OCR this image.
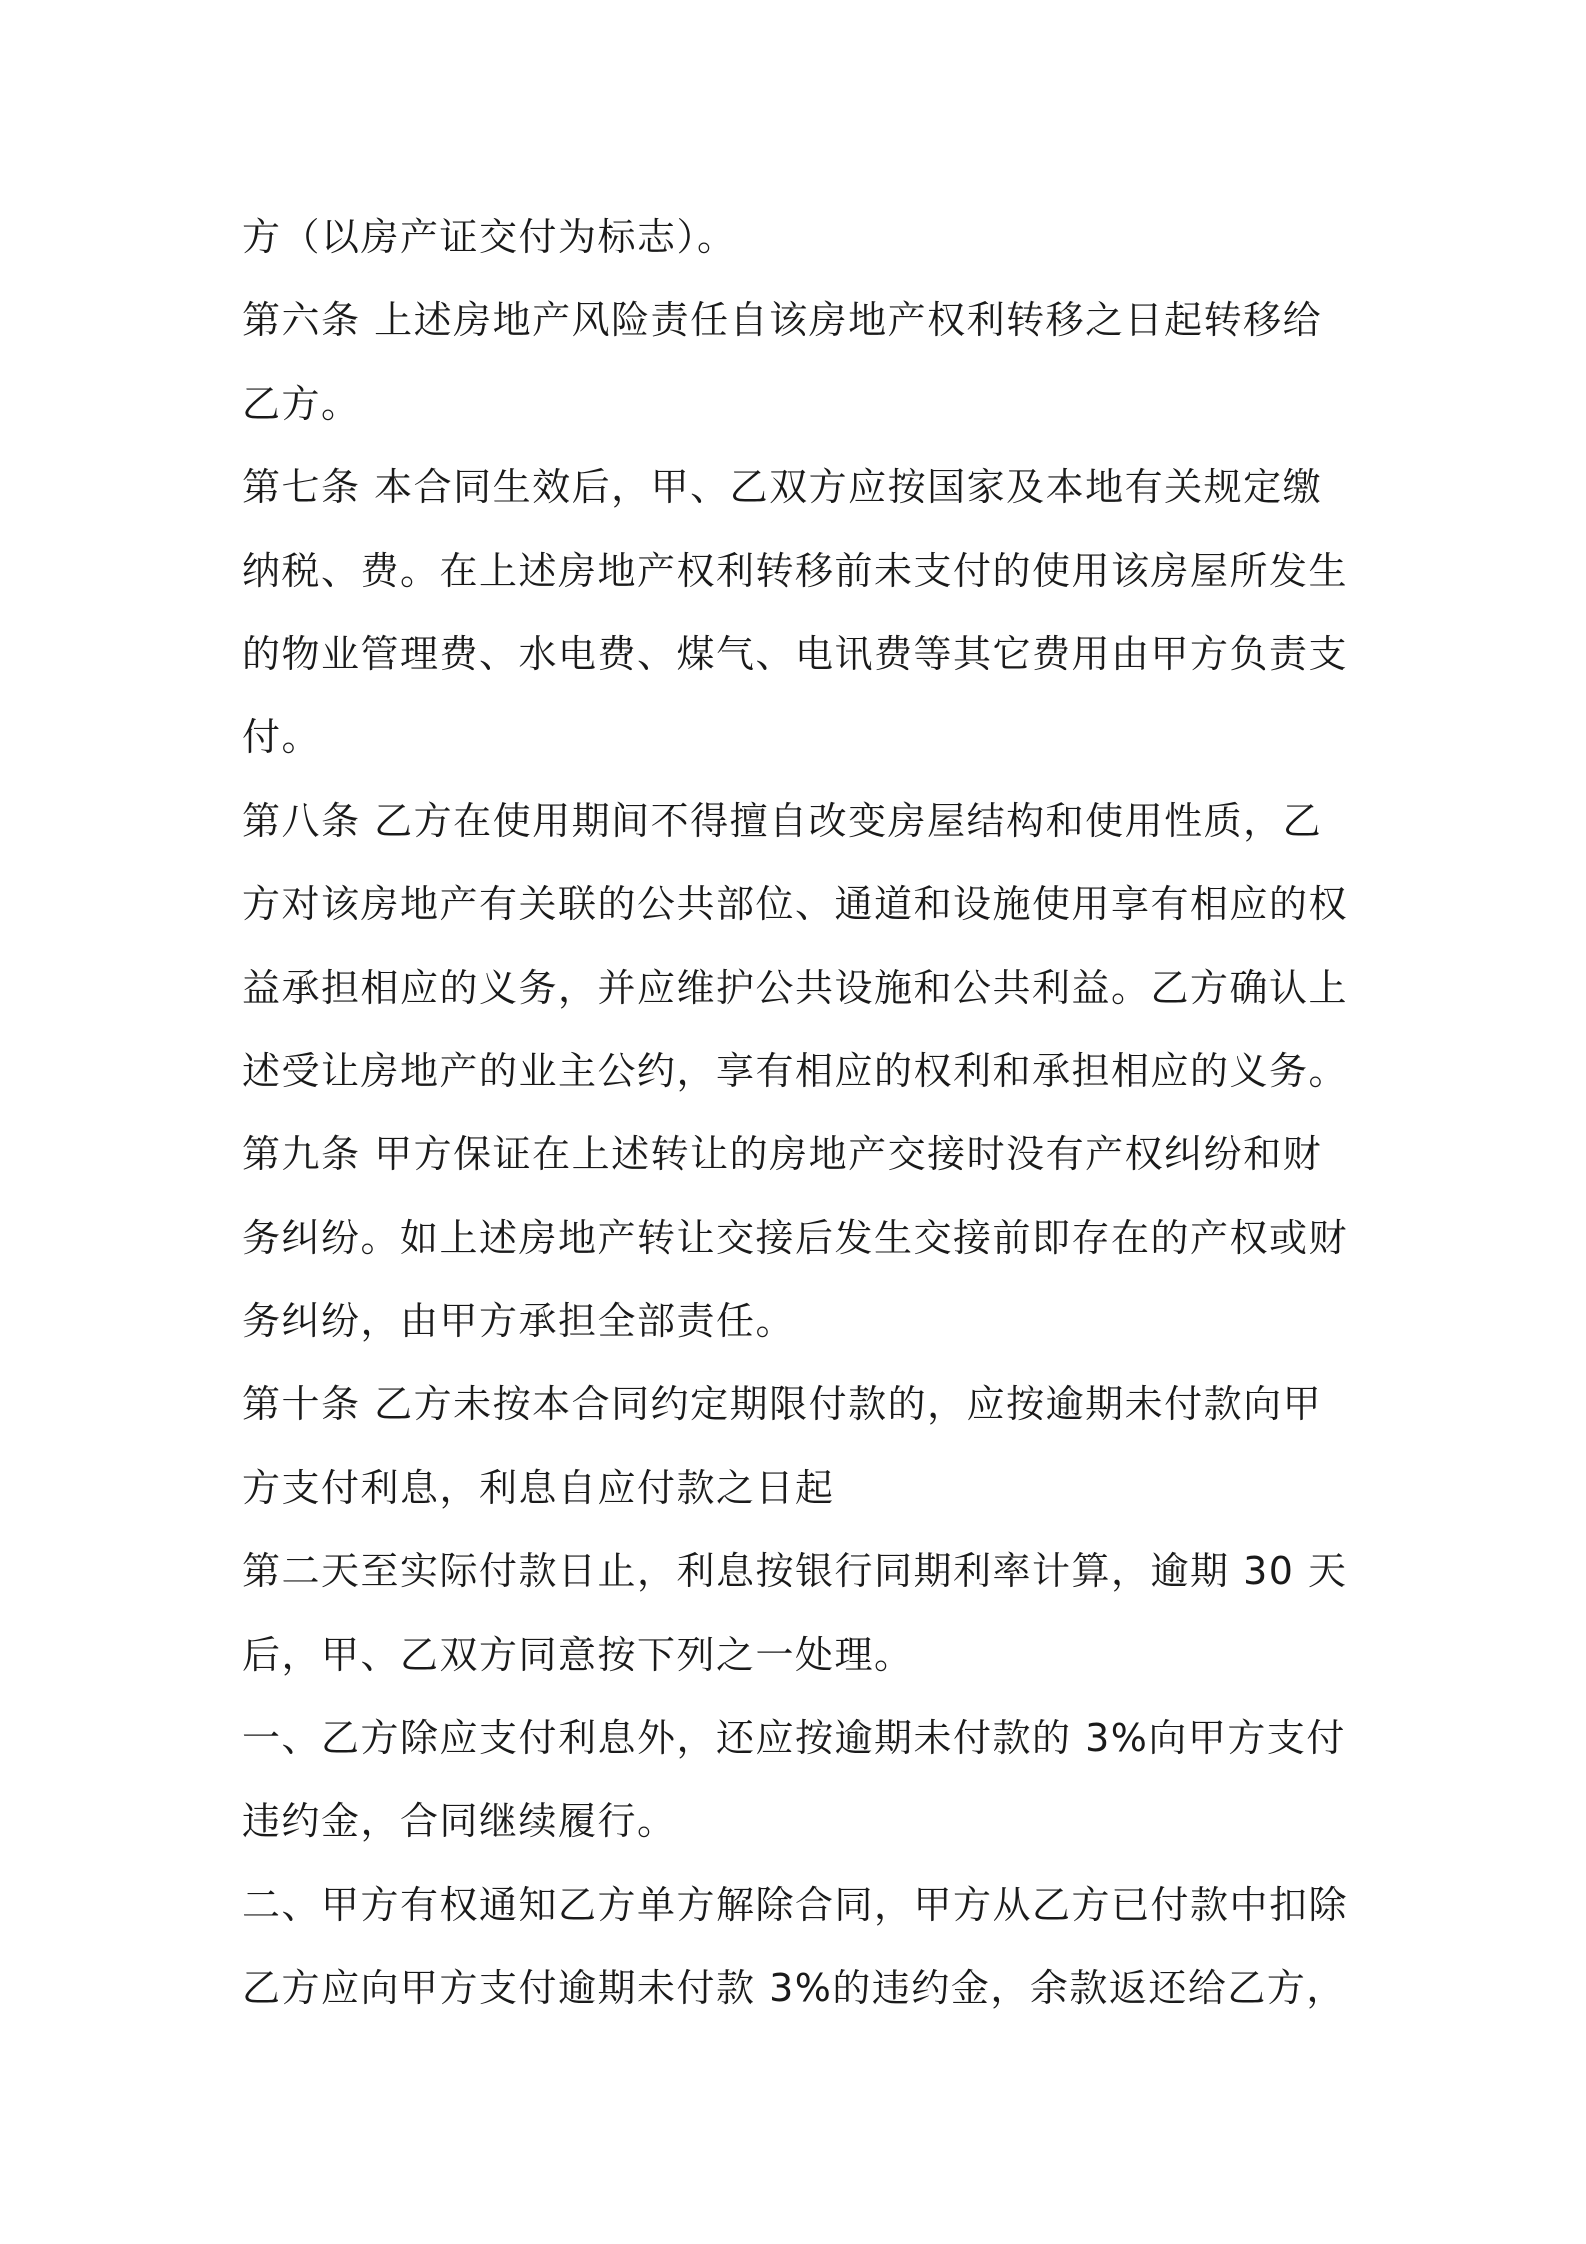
方（以房产证交付为标志）。
第六条 上述房地产风险责任自该房地产权利转移之日起转移给
乙方。
第七条 本合同生效后，甲、乙双方应按国家及本地有关规定缴
纳税、费。在上述房地产权利转移前未支付的使用该房屋所发生
的物业管理费、水电费、煤气、电讯费等其它费用由甲方负责支
付。
第八条 乙方在使用期间不得擅自改变房屋结构和使用性质，乙
方对该房地产有关联的公共部位、通道和设施使用享有相应的权
益承担相应的义务，并应维护公共设施和公共利益。乙方确认上
述受让房地产的业主公约，享有相应的权利和承担相应的义务。
第九条 甲方保证在上述转让的房地产交接时没有产权纠纷和财
务纠纷。如上述房地产转让交接后发生交接前即存在的产权或财
务纠纷，由甲方承担全部责任。
第十条 乙方未按本合同约定期限付款的，应按逾期未付款向甲
方支付利息，利息自应付款之日起
第二天至实际付款日止，利息按银行同期利率计算，逾期 30 天
后，甲、乙双方同意按下列之一处理。
一、乙方除应支付利息外，还应按逾期未付款的 3%向甲方支付
违约金，合同继续履行。
二、甲方有权通知乙方单方解除合同，甲方从乙方已付款中扣除
乙方应向甲方支付逾期未付款 3%的违约金，余款返还给乙方，
